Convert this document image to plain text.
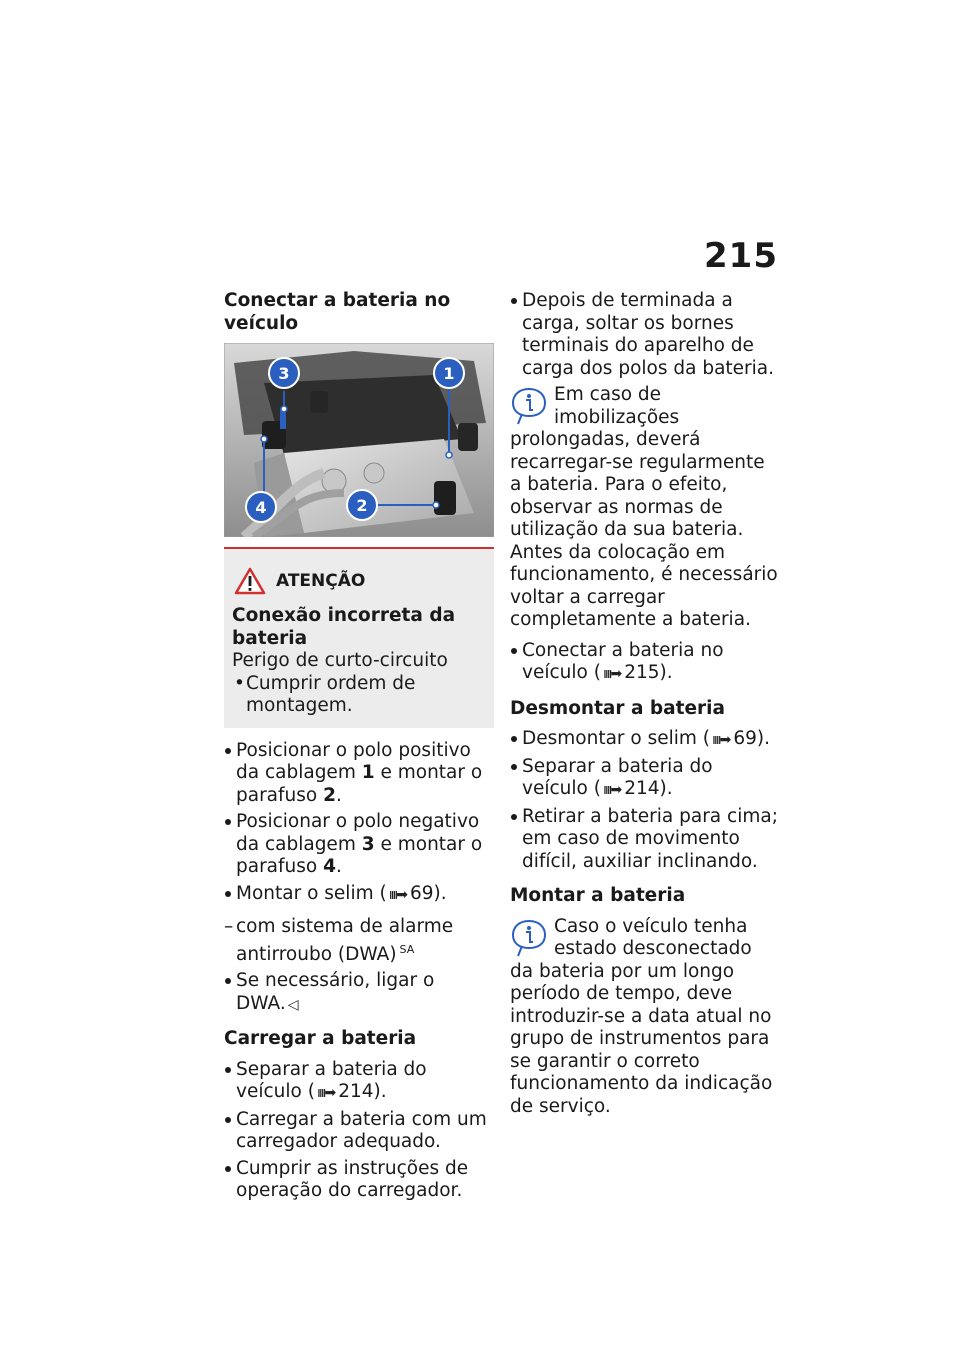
215
Conectar a bateria no veículo
3	1
4	2
ATENÇÃO
Conexão incorreta da bateria
Perigo de curto-circuito
• Cumprir ordem de montagem.
Posicionar o polo positivo da cablagem 1 e montar o parafuso 2.
Posicionar o polo negativo da cablagem 3 e montar o parafuso 4.
Montar o selim ( ıııı➡ 69).
– com sistema de alarme antirroubo (DWA) $^{SA}$
Se necessário, ligar o DWA. ◁
Carregar a bateria
Separar a bateria do veículo ( ıııı➡ 214).
Carregar a bateria com um carregador adequado.
Cumprir as instruções de operação do carregador.
Depois de terminada a carga, soltar os bornes terminais do aparelho de carga dos polos da bateria.
Em caso de imobilizações prolongadas, deverá recarregar-se regularmente a bateria. Para o efeito, observar as normas de utilização da sua bateria. Antes da colocação em funcionamento, é necessário voltar a carregar completamente a bateria.
Conectar a bateria no veículo ( ıııı➡ 215).
Desmontar a bateria
Desmontar o selim ( ıııı➡ 69).
Separar a bateria do veículo ( ıııı➡ 214).
Retirar a bateria para cima; em caso de movimento difícil, auxiliar inclinando.
Montar a bateria
Caso o veículo tenha estado desconectado da bateria por um longo período de tempo, deve introduzir-se a data atual no grupo de instrumentos para se garantir o correto funcionamento da indicação de serviço.
